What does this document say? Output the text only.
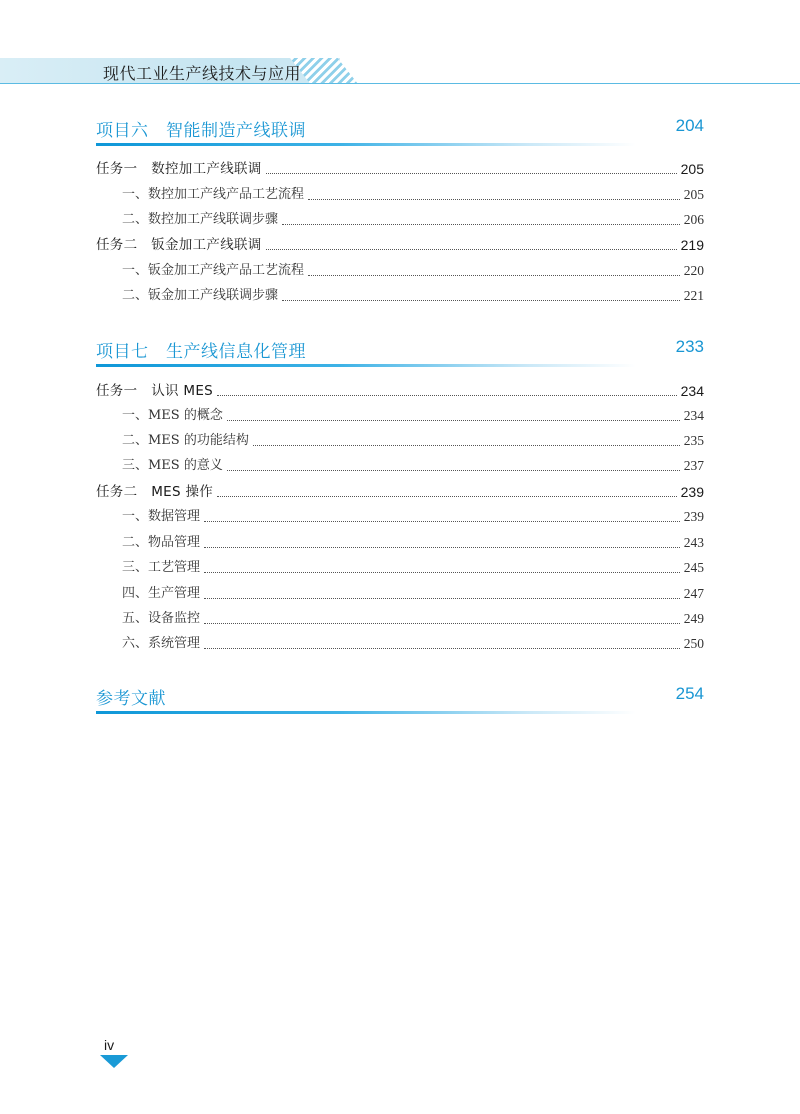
现代工业生产线技术与应用
项目六　智能制造产线联调	204
任务一　数控加工产线联调	205
一、数控加工产线产品工艺流程	205
二、数控加工产线联调步骤	206
任务二　钣金加工产线联调	219
一、钣金加工产线产品工艺流程	220
二、钣金加工产线联调步骤	221
项目七　生产线信息化管理	233
任务一　认识 MES	234
一、MES 的概念	234
二、MES 的功能结构	235
三、MES 的意义	237
任务二　MES 操作	239
一、数据管理	239
二、物品管理	243
三、工艺管理	245
四、生产管理	247
五、设备监控	249
六、系统管理	250
参考文献	254
iv
